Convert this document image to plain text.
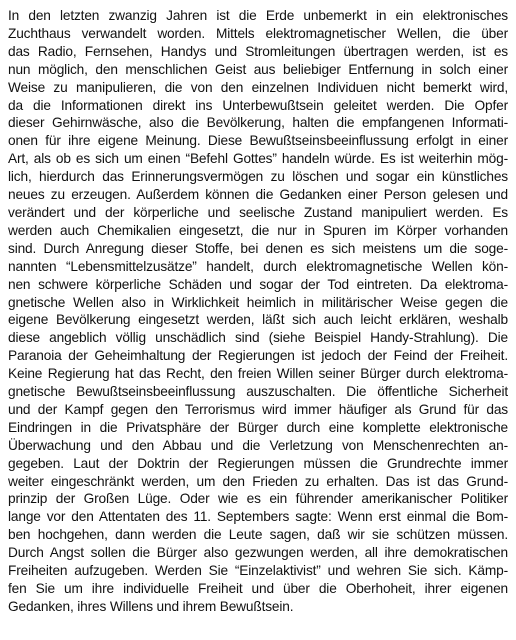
In den letzten zwanzig Jahren ist die Erde unbemerkt in ein elektronisches
Zuchthaus verwandelt worden. Mittels elektromagnetischer Wellen, die über
das Radio, Fernsehen, Handys und Stromleitungen übertragen werden, ist es
nun möglich, den menschlichen Geist aus beliebiger Entfernung in solch einer
Weise zu manipulieren, die von den einzelnen Individuen nicht bemerkt wird,
da die Informationen direkt ins Unterbewußtsein geleitet werden. Die Opfer
dieser Gehirnwäsche, also die Bevölkerung, halten die empfangenen Informati-
onen für ihre eigene Meinung. Diese Bewußtseinsbeeinflussung erfolgt in einer
Art, als ob es sich um einen “Befehl Gottes” handeln würde. Es ist weiterhin mög-
lich, hierdurch das Erinnerungsvermögen zu löschen und sogar ein künstliches
neues zu erzeugen. Außerdem können die Gedanken einer Person gelesen und
verändert und der körperliche und seelische Zustand manipuliert werden. Es
werden auch Chemikalien eingesetzt, die nur in Spuren im Körper vorhanden
sind. Durch Anregung dieser Stoffe, bei denen es sich meistens um die soge-
nannten “Lebensmittelzusätze” handelt, durch elektromagnetische Wellen kön-
nen schwere körperliche Schäden und sogar der Tod eintreten. Da elektroma-
gnetische Wellen also in Wirklichkeit heimlich in militärischer Weise gegen die
eigene Bevölkerung eingesetzt werden, läßt sich auch leicht erklären, weshalb
diese angeblich völlig unschädlich sind (siehe Beispiel Handy-Strahlung). Die
Paranoia der Geheimhaltung der Regierungen ist jedoch der Feind der Freiheit.
Keine Regierung hat das Recht, den freien Willen seiner Bürger durch elektroma-
gnetische Bewußtseinsbeeinflussung auszuschalten. Die öffentliche Sicherheit
und der Kampf gegen den Terrorismus wird immer häufiger als Grund für das
Eindringen in die Privatsphäre der Bürger durch eine komplette elektronische
Überwachung und den Abbau und die Verletzung von Menschenrechten an-
gegeben. Laut der Doktrin der Regierungen müssen die Grundrechte immer
weiter eingeschränkt werden, um den Frieden zu erhalten. Das ist das Grund-
prinzip der Großen Lüge. Oder wie es ein führender amerikanischer Politiker
lange vor den Attentaten des 11. Septembers sagte: Wenn erst einmal die Bom-
ben hochgehen, dann werden die Leute sagen, daß wir sie schützen müssen.
Durch Angst sollen die Bürger also gezwungen werden, all ihre demokratischen
Freiheiten aufzugeben. Werden Sie “Einzelaktivist” und wehren Sie sich. Kämp-
fen Sie um ihre individuelle Freiheit und über die Oberhoheit, ihrer eigenen
Gedanken, ihres Willens und ihrem Bewußtsein.
